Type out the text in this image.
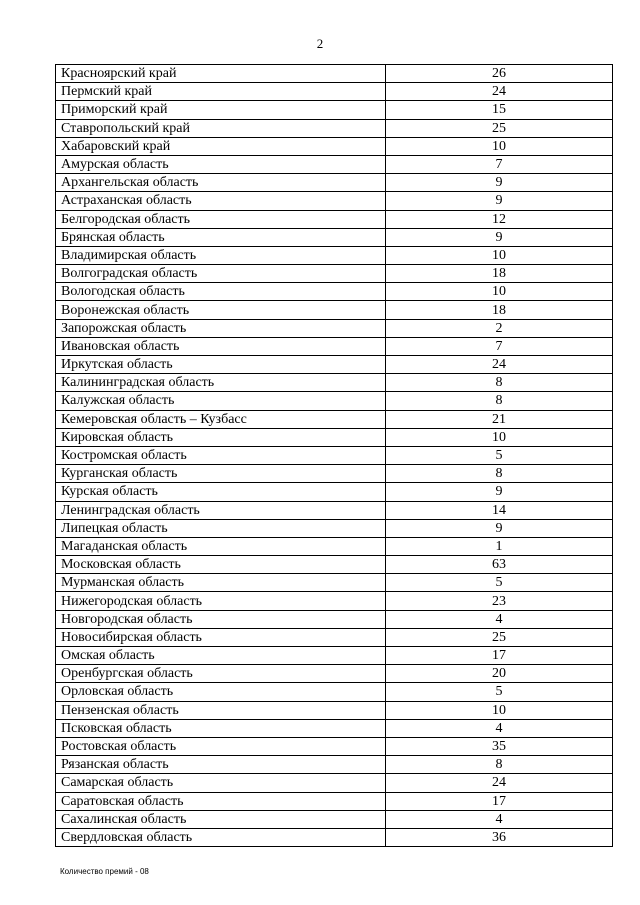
2
Красноярский край	26
Пермский край	24
Приморский край	15
Ставропольский край	25
Хабаровский край	10
Амурская область	7
Архангельская область	9
Астраханская область	9
Белгородская область	12
Брянская область	9
Владимирская область	10
Волгоградская область	18
Вологодская область	10
Воронежская область	18
Запорожская область	2
Ивановская область	7
Иркутская область	24
Калининградская область	8
Калужская область	8
Кемеровская область – Кузбасс	21
Кировская область	10
Костромская область	5
Курганская область	8
Курская область	9
Ленинградская область	14
Липецкая область	9
Магаданская область	1
Московская область	63
Мурманская область	5
Нижегородская область	23
Новгородская область	4
Новосибирская область	25
Омская область	17
Оренбургская область	20
Орловская область	5
Пензенская область	10
Псковская область	4
Ростовская область	35
Рязанская область	8
Самарская область	24
Саратовская область	17
Сахалинская область	4
Свердловская область	36
Количество премий - 08
